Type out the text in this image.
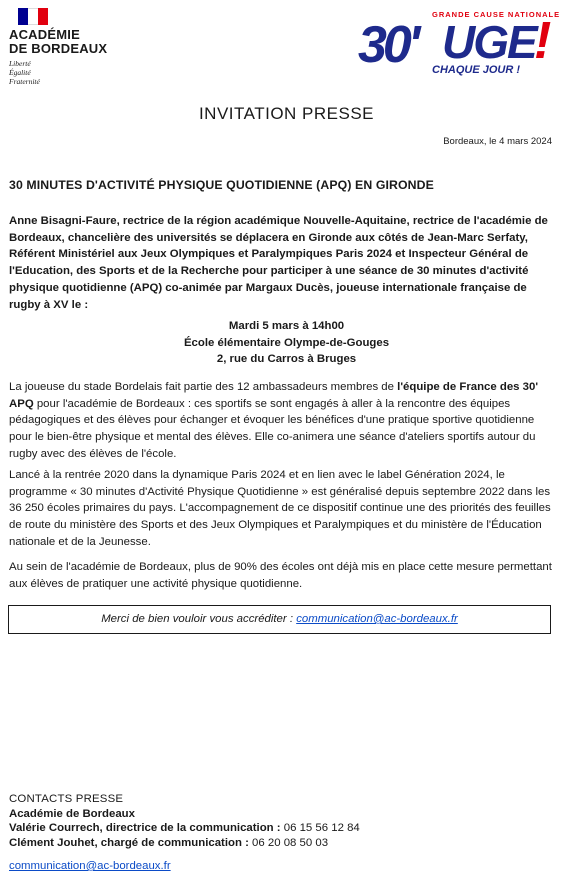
ACADÉMIE
DE BORDEAUX
Liberté
Égalité
Fraternité
GRANDE CAUSE NATIONALE
30' UGE
!
CHAQUE JOUR !
INVITATION PRESSE
Bordeaux, le 4 mars 2024
30 MINUTES D'ACTIVITÉ PHYSIQUE QUOTIDIENNE (APQ) EN GIRONDE
Anne Bisagni-Faure, rectrice de la région académique Nouvelle-Aquitaine, rectrice de l'académie de Bordeaux, chancelière des universités se déplacera en Gironde aux côtés de Jean-Marc Serfaty, Référent Ministériel aux Jeux Olympiques et Paralympiques Paris 2024 et Inspecteur Général de l'Education, des Sports et de la Recherche pour participer à une séance de 30 minutes d'activité physique quotidienne (APQ) co-animée par Margaux Ducès, joueuse internationale française de rugby à XV le :
Mardi 5 mars à 14h00
École élémentaire Olympe-de-Gouges
2, rue du Carros à Bruges
La joueuse du stade Bordelais fait partie des 12 ambassadeurs membres de l'équipe de France des 30' APQ pour l'académie de Bordeaux : ces sportifs se sont engagés à aller à la rencontre des équipes pédagogiques et des élèves pour échanger et évoquer les bénéfices d'une pratique sportive quotidienne pour le bien-être physique et mental des élèves. Elle co-animera une séance d'ateliers sportifs autour du rugby avec des élèves de l'école.
Lancé à la rentrée 2020 dans la dynamique Paris 2024 et en lien avec le label Génération 2024, le programme « 30 minutes d'Activité Physique Quotidienne » est généralisé depuis septembre 2022 dans les 36 250 écoles primaires du pays. L'accompagnement de ce dispositif continue une des priorités des feuilles de route du ministère des Sports et des Jeux Olympiques et Paralympiques et du ministère de l'Éducation nationale et de la Jeunesse.
Au sein de l'académie de Bordeaux, plus de 90% des écoles ont déjà mis en place cette mesure permettant aux élèves de pratiquer une activité physique quotidienne.
Merci de bien vouloir vous accréditer : communication@ac-bordeaux.fr
CONTACTS PRESSE
Académie de Bordeaux
Valérie Courrech, directrice de la communication : 06 15 56 12 84
Clément Jouhet, chargé de communication : 06 20 08 50 03
communication@ac-bordeaux.fr
